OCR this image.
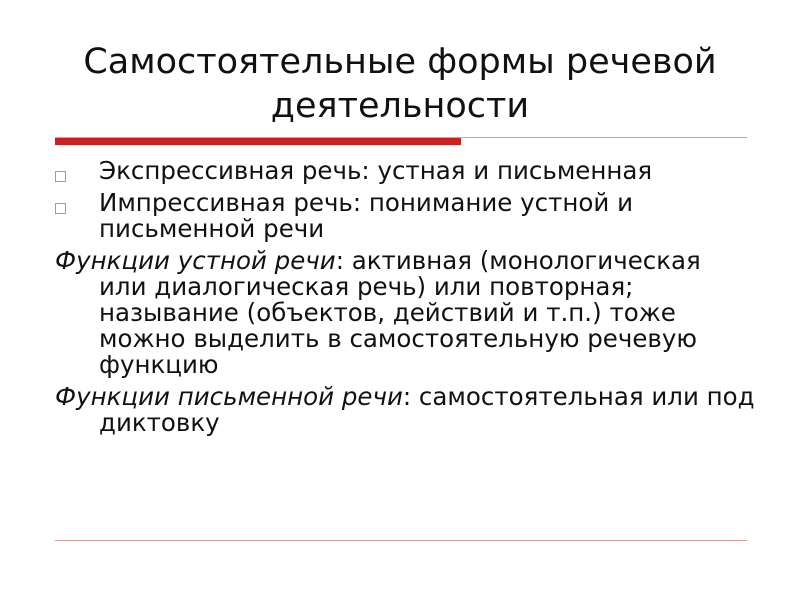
Самостоятельные формы речевой деятельности
Экспрессивная речь: устная и письменная
Импрессивная речь: понимание устной и письменной речи

Функции устной речи: активная (монологическая или диалогическая речь) или повторная; называние (объектов, действий и т.п.) тоже можно выделить в самостоятельную речевую функцию

Функции письменной речи: самостоятельная или под диктовку
